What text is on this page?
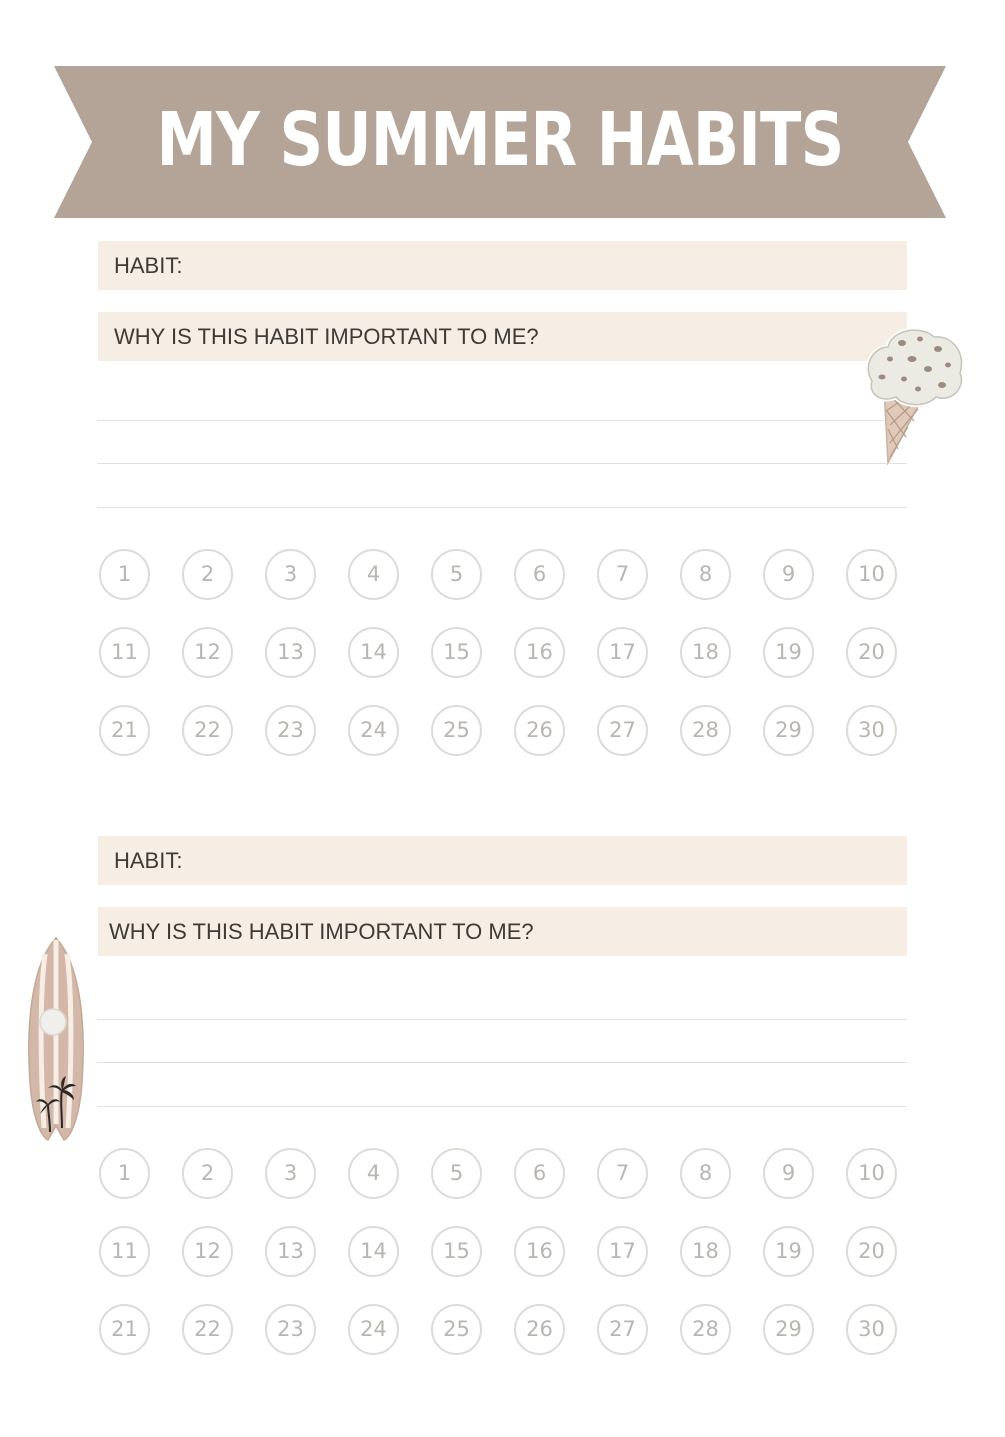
MY SUMMER HABITS
HABIT:
WHY IS THIS HABIT IMPORTANT TO ME?
1	2	3	4	5	6	7	8	9	10
11	12	13	14	15	16	17	18	19	20
21	22	23	24	25	26	27	28	29	30
HABIT:
WHY IS THIS HABIT IMPORTANT TO ME?
1	2	3	4	5	6	7	8	9	10
11	12	13	14	15	16	17	18	19	20
21	22	23	24	25	26	27	28	29	30
